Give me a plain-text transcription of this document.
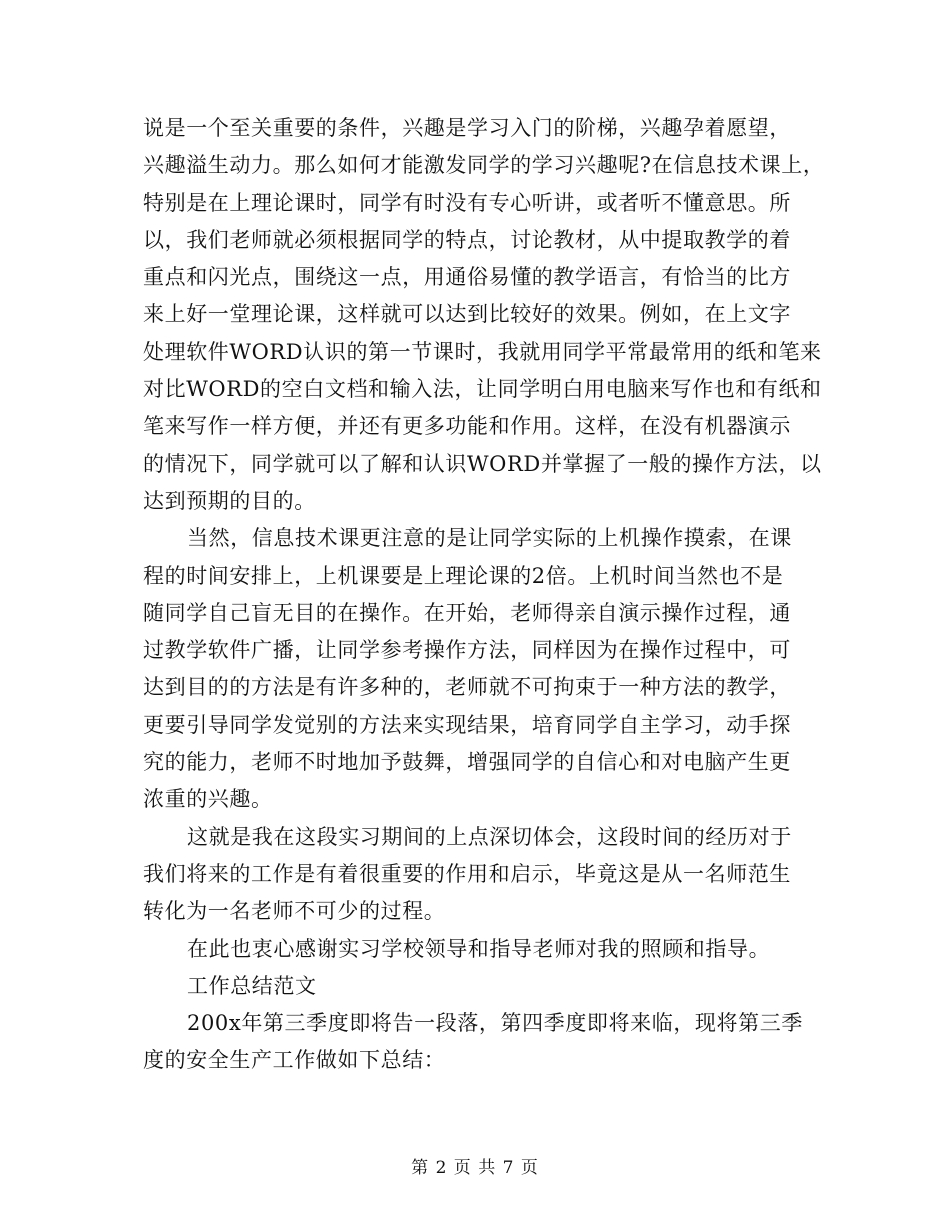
说是一个至关重要的条件，兴趣是学习入门的阶梯，兴趣孕着愿望，
兴趣溢生动力。那么如何才能激发同学的学习兴趣呢?在信息技术课上，
特别是在上理论课时，同学有时没有专心听讲，或者听不懂意思。所
以，我们老师就必须根据同学的特点，讨论教材，从中提取教学的着
重点和闪光点，围绕这一点，用通俗易懂的教学语言，有恰当的比方
来上好一堂理论课，这样就可以达到比较好的效果。例如，在上文字
处理软件WORD认识的第一节课时，我就用同学平常最常用的纸和笔来
对比WORD的空白文档和输入法，让同学明白用电脑来写作也和有纸和
笔来写作一样方便，并还有更多功能和作用。这样，在没有机器演示
的情况下，同学就可以了解和认识WORD并掌握了一般的操作方法，以
达到预期的目的。
当然，信息技术课更注意的是让同学实际的上机操作摸索，在课
程的时间安排上，上机课要是上理论课的2倍。上机时间当然也不是
随同学自己盲无目的在操作。在开始，老师得亲自演示操作过程，通
过教学软件广播，让同学参考操作方法，同样因为在操作过程中，可
达到目的的方法是有许多种的，老师就不可拘束于一种方法的教学，
更要引导同学发觉别的方法来实现结果，培育同学自主学习，动手探
究的能力，老师不时地加予鼓舞，增强同学的自信心和对电脑产生更
浓重的兴趣。
这就是我在这段实习期间的上点深切体会，这段时间的经历对于
我们将来的工作是有着很重要的作用和启示，毕竟这是从一名师范生
转化为一名老师不可少的过程。
在此也衷心感谢实习学校领导和指导老师对我的照顾和指导。
工作总结范文
200x年第三季度即将告一段落，第四季度即将来临，现将第三季
度的安全生产工作做如下总结：
第 2 页 共 7 页
